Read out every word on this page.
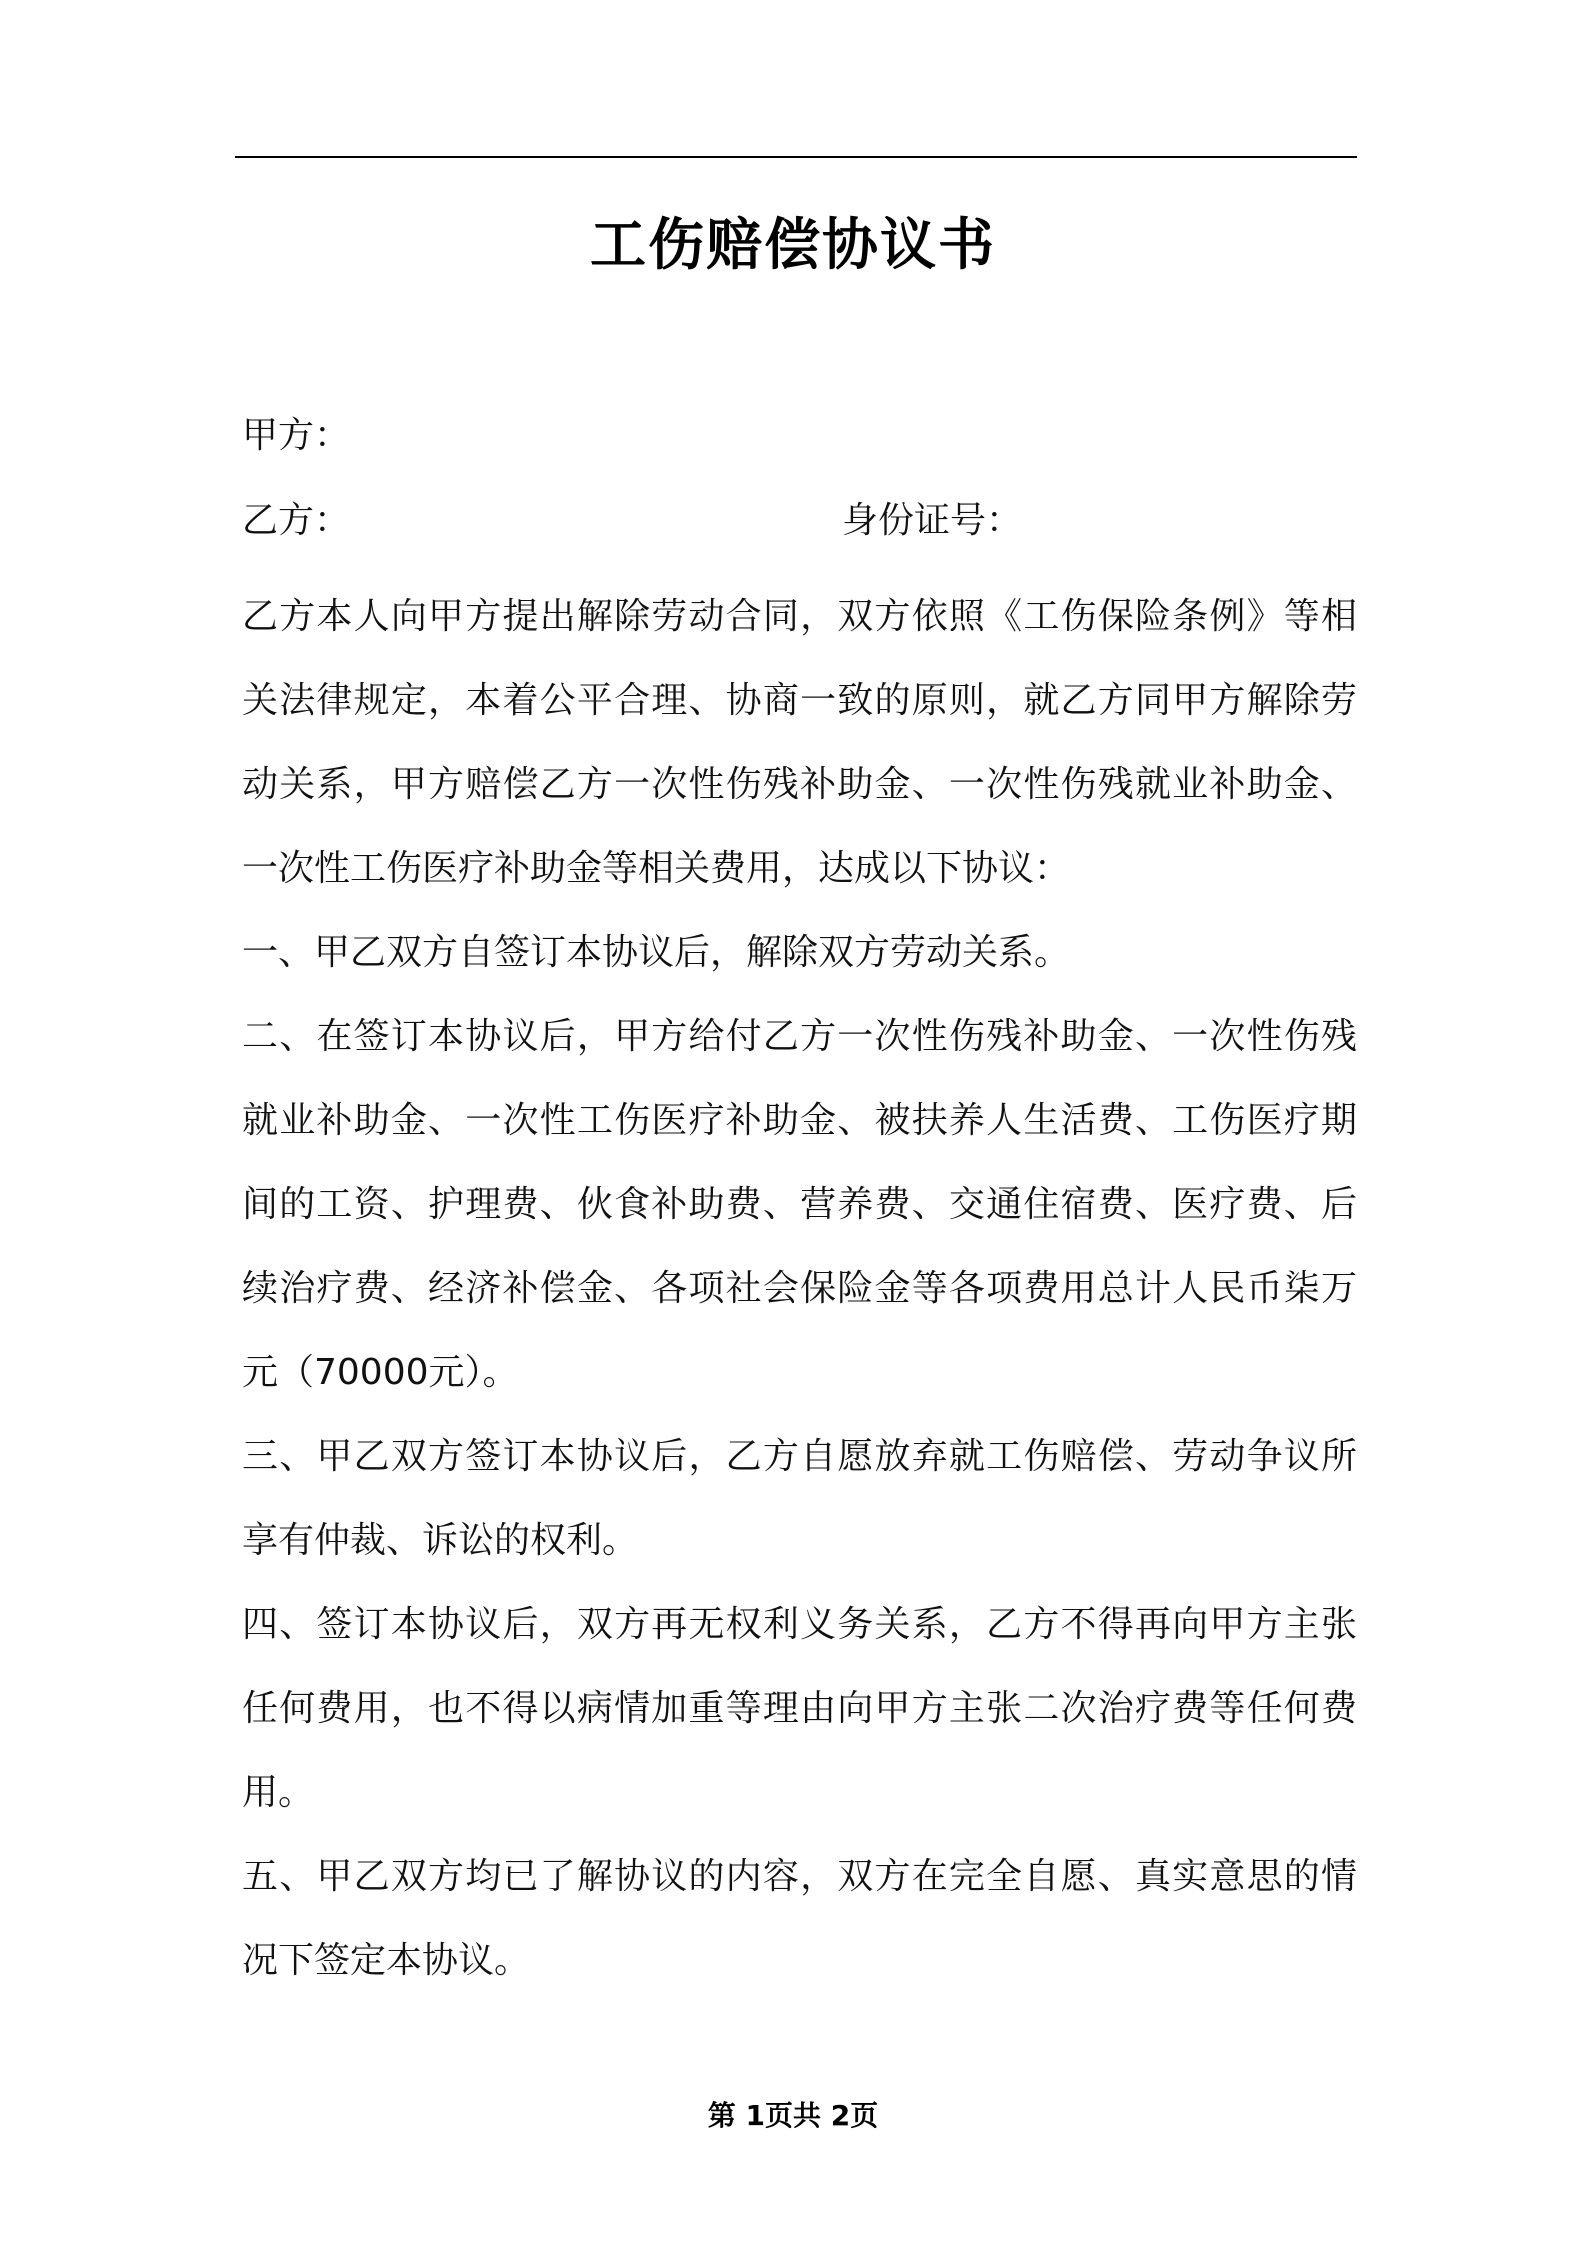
工伤赔偿协议书
甲方：
乙方：	身份证号：

乙方本人向甲方提出解除劳动合同，双方依照《工伤保险条例》等相关法律规定，本着公平合理、协商一致的原则，就乙方同甲方解除劳动关系，甲方赔偿乙方一次性伤残补助金、一次性伤残就业补助金、一次性工伤医疗补助金等相关费用，达成以下协议：

一、甲乙双方自签订本协议后，解除双方劳动关系。

二、在签订本协议后，甲方给付乙方一次性伤残补助金、一次性伤残就业补助金、一次性工伤医疗补助金、被扶养人生活费、工伤医疗期间的工资、护理费、伙食补助费、营养费、交通住宿费、医疗费、后续治疗费、经济补偿金、各项社会保险金等各项费用总计人民币柒万元（70000元）。

三、甲乙双方签订本协议后，乙方自愿放弃就工伤赔偿、劳动争议所享有仲裁、诉讼的权利。

四、签订本协议后，双方再无权利义务关系，乙方不得再向甲方主张任何费用，也不得以病情加重等理由向甲方主张二次治疗费等任何费用。

五、甲乙双方均已了解协议的内容，双方在完全自愿、真实意思的情况下签定本协议。

第 1页共 2页
